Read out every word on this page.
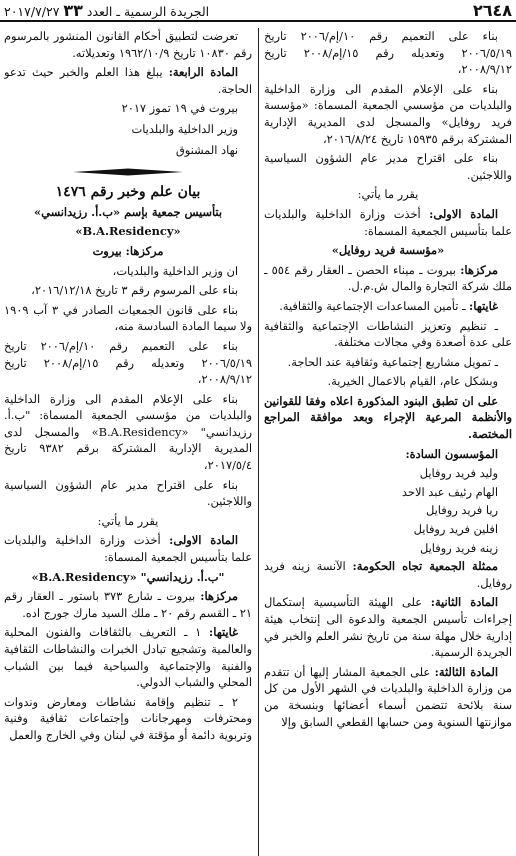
٢٦٤٨
الجريدة الرسمية ـ العدد ٣٣ ٢٠١٧/٧/٢٧

بناء على التعميم رقم ١٠/إم/٢٠٠٦ تاريخ ٢٠٠٦/٥/١٩ وتعديله رقم ١٥/إم/٢٠٠٨ تاريخ ٢٠٠٨/٩/١٢،

بناء على الإعلام المقدم الى وزارة الداخلية والبلديات من مؤسسي الجمعية المسماة: «مؤسسة فريد روفايل» والمسجل لدى المديرية الإدارية المشتركة برقم ١٥٩٣٥ تاريخ ٢٠١٦/٨/٢٤،

بناء على اقتراح مدير عام الشؤون السياسية واللاجئين.

يقرر ما يأتي:

المادة الاولى: أخذت وزارة الداخلية والبلديات علما بتأسيس الجمعية المسماة:

«مؤسسة فريد روفايل»

مركزها: بيروت ـ ميناء الحصن ـ العقار رقم ٥٥٤ ـ ملك شركة التجارة والمال ش.م.ل.

غايتها: ـ تأمين المساعدات الإجتماعية والثقافية.

ـ تنظيم وتعزيز النشاطات الإجتماعية والثقافية على عدة أصعدة وفي مجالات مختلفة.

ـ تمويل مشاريع إجتماعية وثقافية عند الحاجة.

وبشكل عام، القيام بالاعمال الخيرية.

على ان تطبق البنود المذكورة اعلاه وفقا للقوانين والأنظمة المرعية الإجراء وبعد موافقة المراجع المختصة.

المؤسسون السادة:

وليد فريد روفايل

الهام رئيف عبد الاحد

ريا فريد روفايل

افلين فريد روفايل

زينه فريد روفايل

ممثلة الجمعية تجاه الحكومة: الآنسة زينه فريد روفايل.

المادة الثانية: على الهيئة التأسيسية إستكمال إجراءات تأسيس الجمعية والدعوة الى إنتخاب هيئة إدارية خلال مهلة سنة من تاريخ نشر العلم والخبر في الجريدة الرسمية.

المادة الثالثة: على الجمعية المشار إليها أن تتقدم من وزارة الداخلية والبلديات في الشهر الأول من كل سنة بلائحة تتضمن أسماء أعضائها وبنسخة من موازنتها السنوية ومن حسابها القطعي السابق وإلا

تعرضت لتطبيق أحكام القانون المنشور بالمرسوم رقم ١٠٨٣٠ تاريخ ١٩٦٢/١٠/٩ وتعديلاته.

المادة الرابعة: يبلغ هذا العلم والخبر حيث تدعو الحاجة.

بيروت في ١٩ تموز ٢٠١٧

وزير الداخلية والبلديات

نهاد المشنوق

بيان علم وخبر رقم ١٤٧٦

بتأسيس جمعية بإسم «ب.أ. رزيدانسي»

«B.A.Residency»

مركزها: بيروت

ان وزير الداخلية والبلديات،

بناء على المرسوم رقم ٣ تاريخ ٢٠١٦/١٢/١٨،

بناء على قانون الجمعيات الصادر في ٣ آب ١٩٠٩ ولا سيما المادة السادسة منه،

بناء على التعميم رقم ١٠/إم/٢٠٠٦ تاريخ ٢٠٠٦/٥/١٩ وتعديله رقم ١٥/إم/٢٠٠٨ تاريخ ٢٠٠٨/٩/١٢،

بناء على الإعلام المقدم الى وزارة الداخلية والبلديات من مؤسسي الجمعية المسماة: "ب.أ. رزيدانسي" «B.A.Residency» والمسجل لدى المديرية الإدارية المشتركة برقم ٩٣٨٢ تاريخ ٢٠١٧/٥/٤،

بناء على اقتراح مدير عام الشؤون السياسية واللاجئين.

يقرر ما يأتي:

المادة الاولى: أخذت وزارة الداخلية والبلديات علما بتأسيس الجمعية المسماة:

"ب.أ. رزيدانسي" «B.A.Residency»

مركزها: بيروت ـ شارع ٣٧٣ باستور ـ العقار رقم ٢١ ـ القسم رقم ٢٠ ـ ملك السيد مارك جورج اده.

غايتها: ١ ـ التعريف بالثقافات والفنون المحلية والعالمية وتشجيع تبادل الخبرات والنشاطات الثقافية والفنية والإجتماعية والسياحية فيما بين الشباب المحلي والشباب الدولي.

٢ ـ تنظيم وإقامة نشاطات ومعارض وندوات ومحترفات ومهرجانات وإجتماعات ثقافية وفنية وتربوية دائمة أو مؤقتة في لبنان وفي الخارج والعمل
